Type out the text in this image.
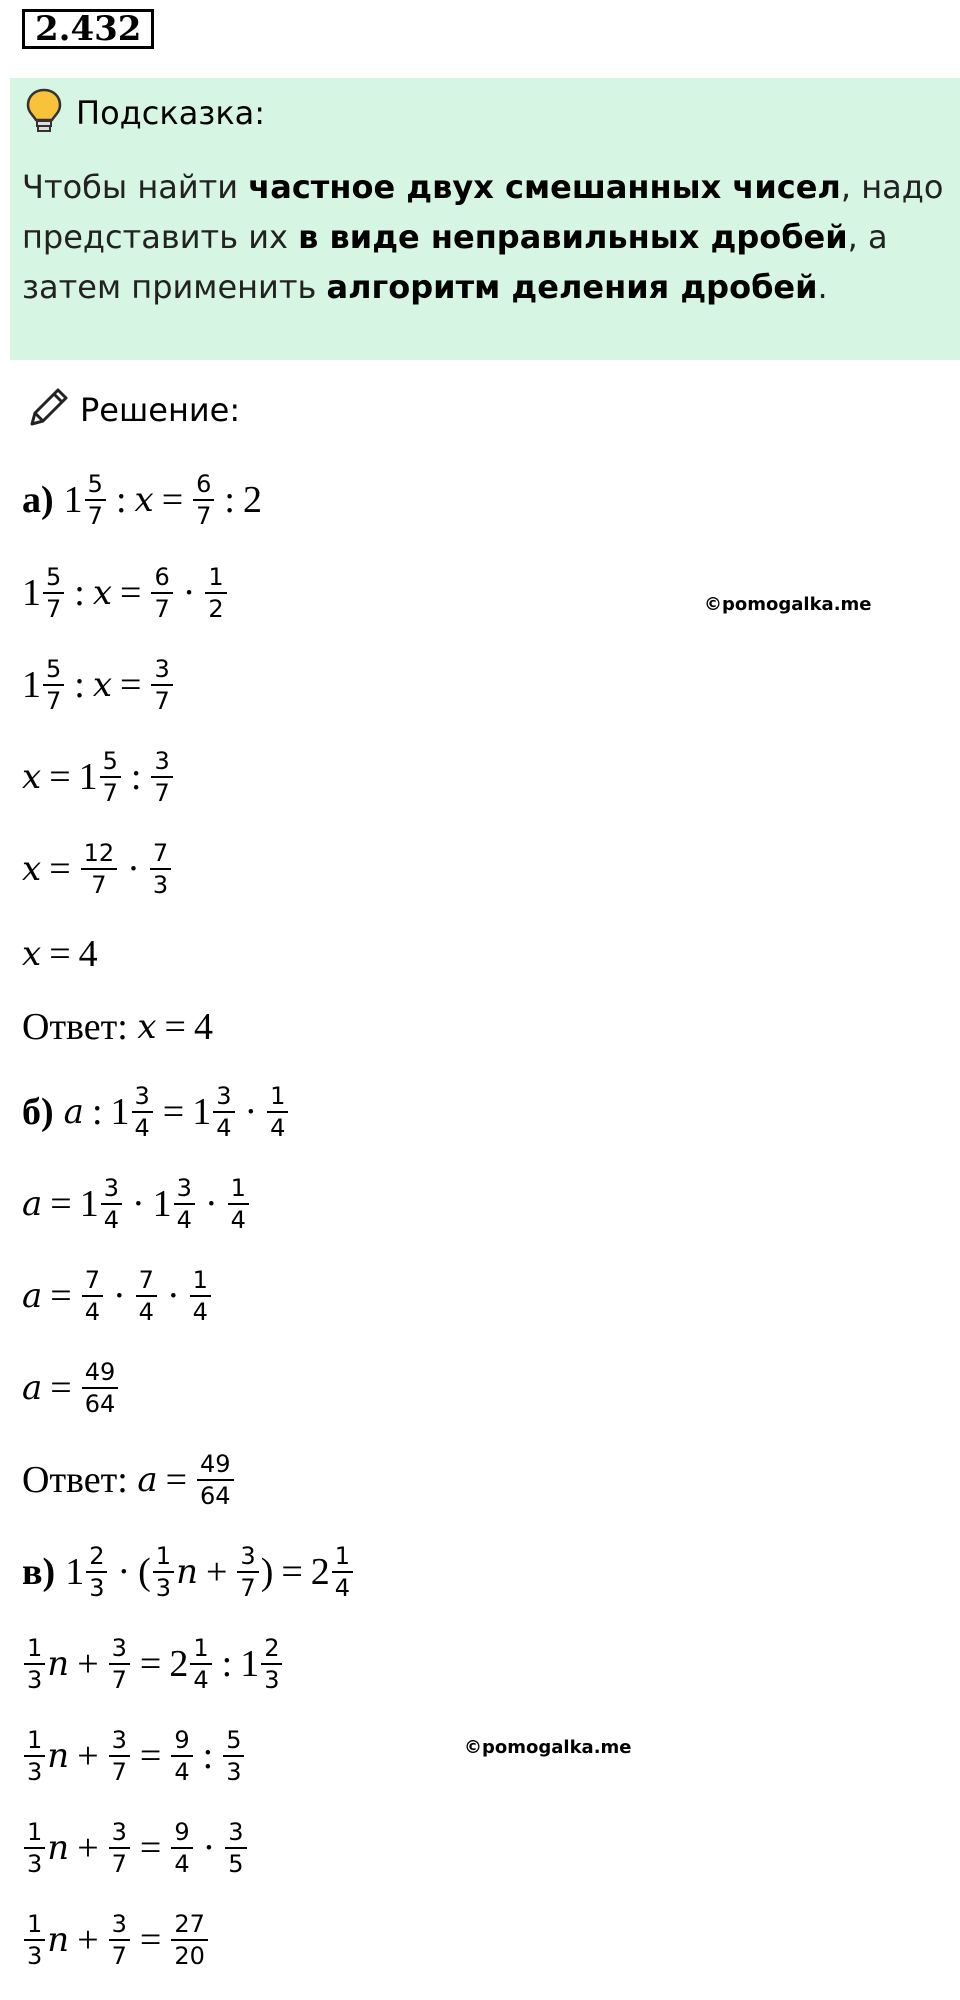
2.432
Подсказка:
Чтобы найти частное двух смешанных чисел, надо представить их в виде неправильных дробей, а затем применить алгоритм деления дробей.
Решение:
а) 1 5
7 : $x = \frac{6}{7}$ : 2
1 5
7 : $x = \frac{6}{7} \cdot 1$
2	©pomogalka.me
1 5
7 : $x = \frac{3}{7}$
$x = 1 \frac{5}{7}$ : 3
7
$x = \frac{12}{7} \cdot 7$
3
x = 4
Ответ:
x = 4
б) a : $1 \frac{3}{4} = 1 \frac{3}{4} \cdot 1$
4
$a = 1 \frac{3}{4} \cdot 1$ 3
4 · 1
4
$a = \frac{7}{4} \cdot 7$
4 · 1
4
$a = \frac{49}{64}$
Ответ:
$a = \frac{49}{64}$
в) 1 2
3 · ( 1
3 $n + \frac{3}{7}$ ) = $2 \frac{1}{4}$
1
3 $n + \frac{3}{7} = 2 \frac{1}{4}$ : 1 2
3
1
3 $n + \frac{3}{7} = \frac{9}{4}$ : 5
3
©pomogalka.me
1
3 $n + \frac{3}{7} = \frac{9}{4} \cdot 3$
5
1
3 $n + \frac{3}{7} = \frac{27}{20}$
